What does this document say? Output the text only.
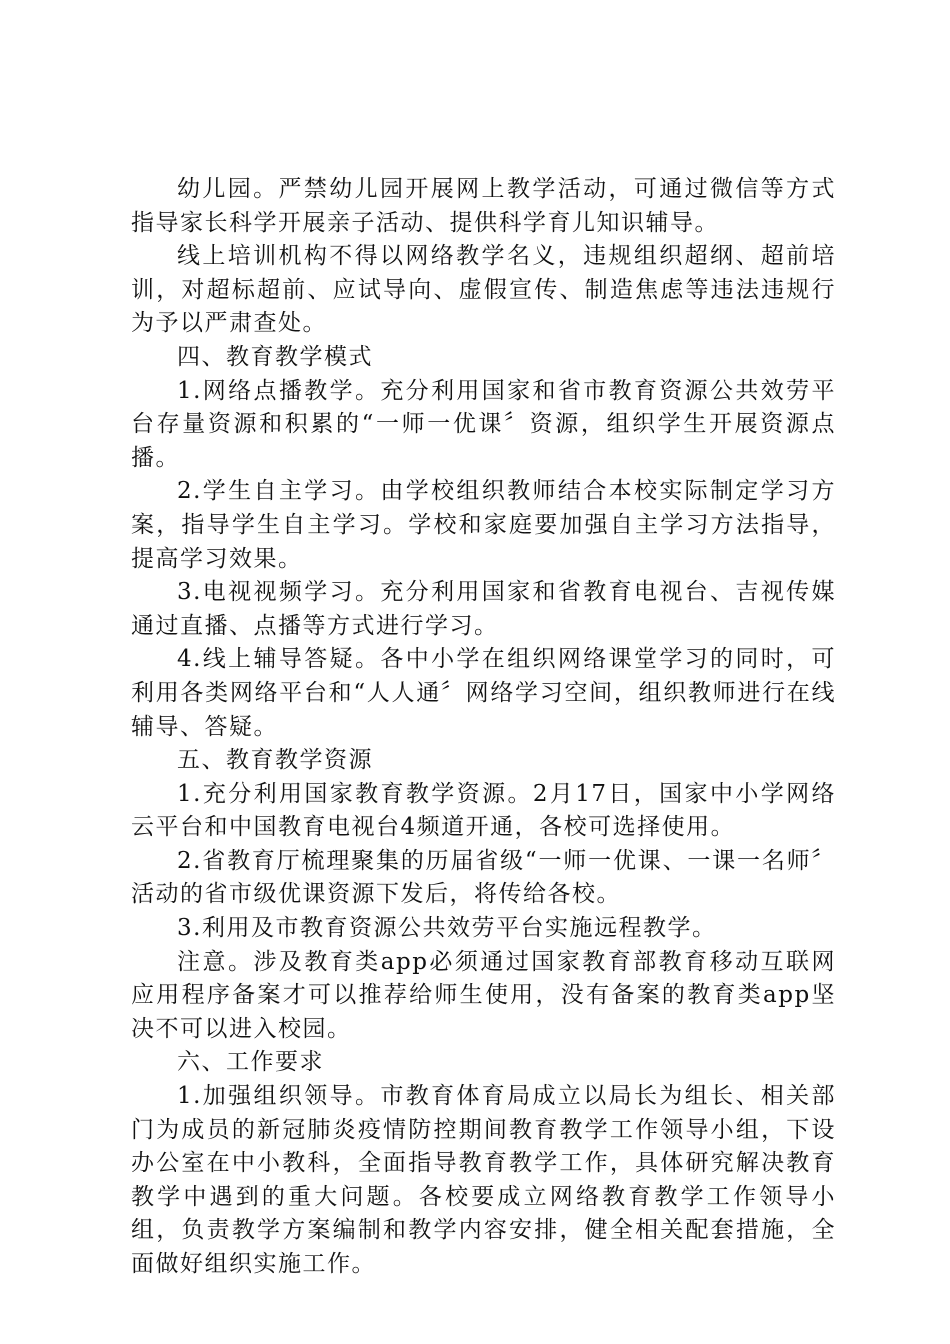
幼儿园。严禁幼儿园开展网上教学活动，可通过微信等方式指导家长科学开展亲子活动、提供科学育儿知识辅导。

线上培训机构不得以网络教学名义，违规组织超纲、超前培训，对超标超前、应试导向、虚假宣传、制造焦虑等违法违规行为予以严肃查处。

四、教育教学模式

1.网络点播教学。充分利用国家和省市教育资源公共效劳平台存量资源和积累的“一师一优课〞资源，组织学生开展资源点播。

2.学生自主学习。由学校组织教师结合本校实际制定学习方案，指导学生自主学习。学校和家庭要加强自主学习方法指导，提高学习效果。

3.电视视频学习。充分利用国家和省教育电视台、吉视传媒通过直播、点播等方式进行学习。

4.线上辅导答疑。各中小学在组织网络课堂学习的同时，可利用各类网络平台和“人人通〞网络学习空间，组织教师进行在线辅导、答疑。

五、教育教学资源

1.充分利用国家教育教学资源。2月17日，国家中小学网络云平台和中国教育电视台4频道开通，各校可选择使用。

2.省教育厅梳理聚集的历届省级“一师一优课、一课一名师〞活动的省市级优课资源下发后，将传给各校。

3.利用及市教育资源公共效劳平台实施远程教学。

注意。涉及教育类app必须通过国家教育部教育移动互联网应用程序备案才可以推荐给师生使用，没有备案的教育类app坚决不可以进入校园。

六、工作要求

1.加强组织领导。市教育体育局成立以局长为组长、相关部门为成员的新冠肺炎疫情防控期间教育教学工作领导小组，下设办公室在中小教科，全面指导教育教学工作，具体研究解决教育教学中遇到的重大问题。各校要成立网络教育教学工作领导小组，负责教学方案编制和教学内容安排，健全相关配套措施，全面做好组织实施工作。
